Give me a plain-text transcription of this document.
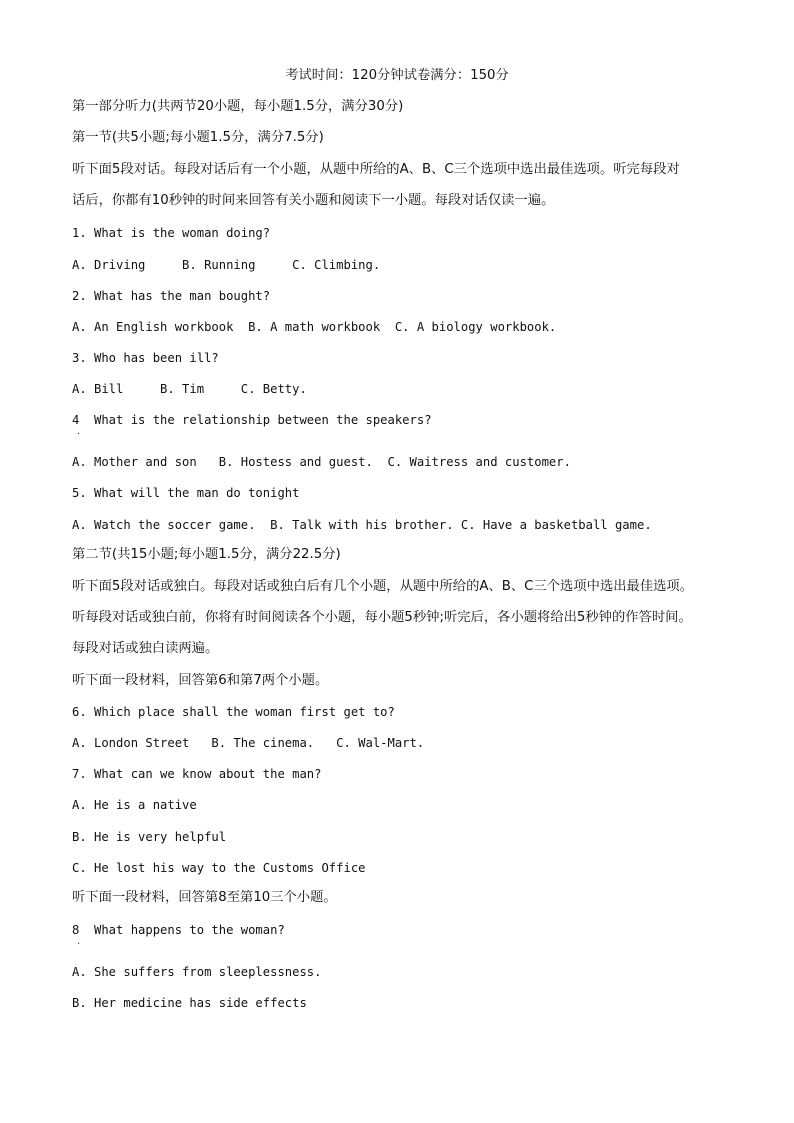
考试时间：120分钟试卷满分：150分
第一部分听力(共两节20小题，每小题1.5分，满分30分)
第一节(共5小题;每小题1.5分，满分7.5分)
听下面5段对话。每段对话后有一个小题，从题中所给的A、B、C三个选项中选出最佳选项。听完每段对
话后，你都有10秒钟的时间来回答有关小题和阅读下一小题。每段对话仅读一遍。
1. What is the woman doing?
A. Driving     B. Running     C. Climbing.
2. What has the man bought?
A. An English workbook  B. A math workbook  C. A biology workbook.
3. Who has been ill?
A. Bill     B. Tim     C. Betty.
4  What is the relationship between the speakers?
·
A. Mother and son   B. Hostess and guest.  C. Waitress and customer.
5. What will the man do tonight
A. Watch the soccer game.  B. Talk with his brother. C. Have a basketball game.
第二节(共15小题;每小题1.5分，满分22.5分)
听下面5段对话或独白。每段对话或独白后有几个小题，从题中所给的A、B、C三个选项中选出最佳选项。
听每段对话或独白前，你将有时间阅读各个小题，每小题5秒钟;听完后，各小题将给出5秒钟的作答时间。
每段对话或独白读两遍。
听下面一段材料，回答第6和第7两个小题。
6. Which place shall the woman first get to?
A. London Street   B. The cinema.   C. Wal-Mart.
7. What can we know about the man?
A. He is a native
B. He is very helpful
C. He lost his way to the Customs Office
听下面一段材料，回答第8至第10三个小题。
8  What happens to the woman?
·
A. She suffers from sleeplessness.
B. Her medicine has side effects
